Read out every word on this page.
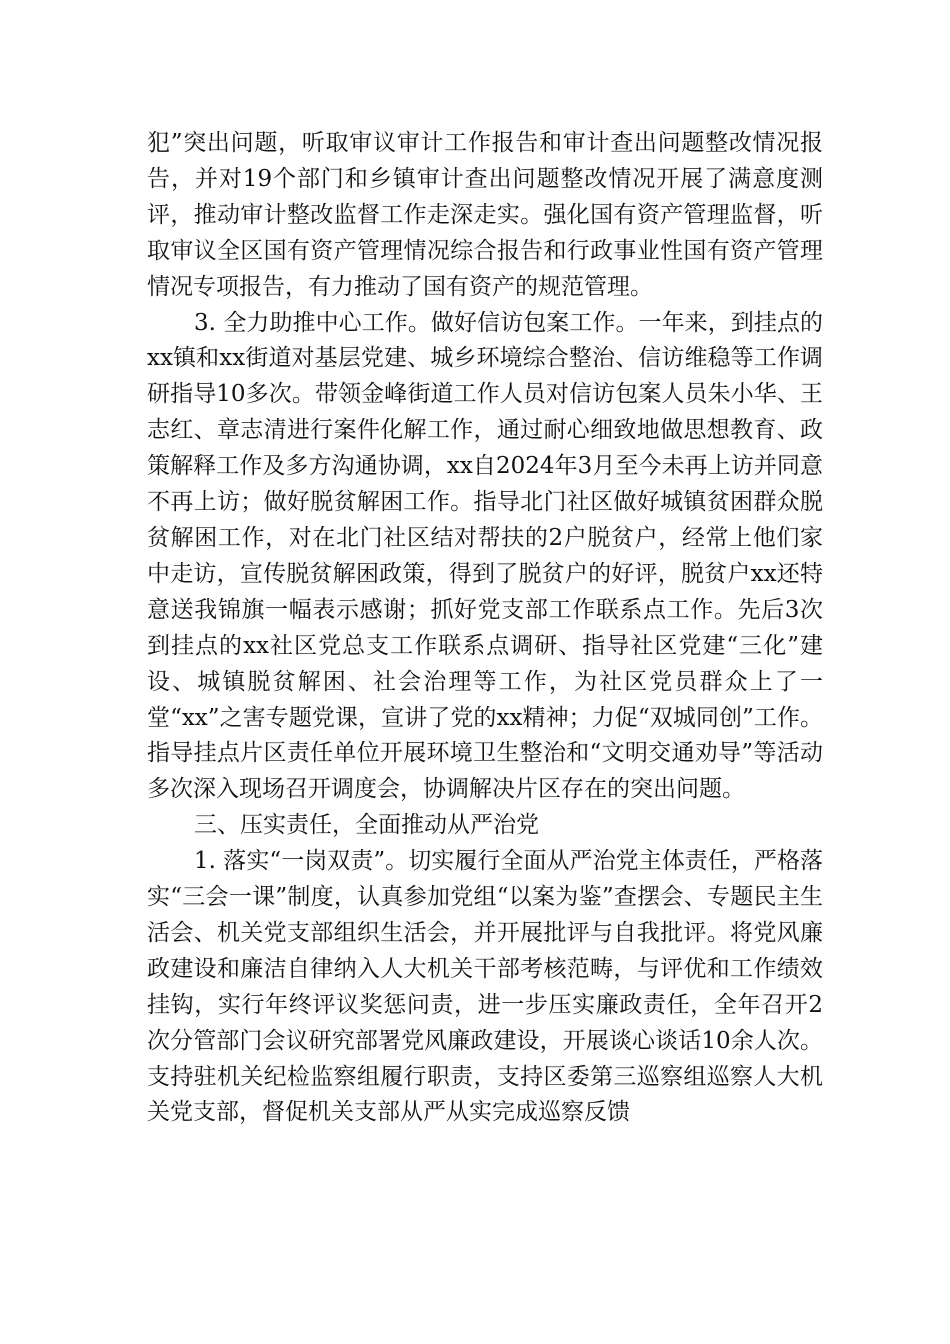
犯”突出问题，听取审议审计工作报告和审计查出问题整改情况报告，并对19个部门和乡镇审计查出问题整改情况开展了满意度测评，推动审计整改监督工作走深走实。强化国有资产管理监督，听取审议全区国有资产管理情况综合报告和行政事业性国有资产管理情况专项报告，有力推动了国有资产的规范管理。

3. 全力助推中心工作。做好信访包案工作。一年来，到挂点的xx镇和xx街道对基层党建、城乡环境综合整治、信访维稳等工作调研指导10多次。带领金峰街道工作人员对信访包案人员朱小华、王志红、章志清进行案件化解工作，通过耐心细致地做思想教育、政策解释工作及多方沟通协调，xx自2024年3月至今未再上访并同意不再上访；做好脱贫解困工作。指导北门社区做好城镇贫困群众脱贫解困工作，对在北门社区结对帮扶的2户脱贫户，经常上他们家中走访，宣传脱贫解困政策，得到了脱贫户的好评，脱贫户xx还特意送我锦旗一幅表示感谢；抓好党支部工作联系点工作。先后3次到挂点的xx社区党总支工作联系点调研、指导社区党建“三化”建设、城镇脱贫解困、社会治理等工作，为社区党员群众上了一堂“xx”之害专题党课，宣讲了党的xx精神；力促“双城同创”工作。指导挂点片区责任单位开展环境卫生整治和“文明交通劝导”等活动多次深入现场召开调度会，协调解决片区存在的突出问题。

三、压实责任，全面推动从严治党

1. 落实“一岗双责”。切实履行全面从严治党主体责任，严格落实“三会一课”制度，认真参加党组“以案为鉴”查摆会、专题民主生活会、机关党支部组织生活会，并开展批评与自我批评。将党风廉政建设和廉洁自律纳入人大机关干部考核范畴，与评优和工作绩效挂钩，实行年终评议奖惩问责，进一步压实廉政责任，全年召开2次分管部门会议研究部署党风廉政建设，开展谈心谈话10余人次。支持驻机关纪检监察组履行职责，支持区委第三巡察组巡察人大机关党支部，督促机关支部从严从实完成巡察反馈
